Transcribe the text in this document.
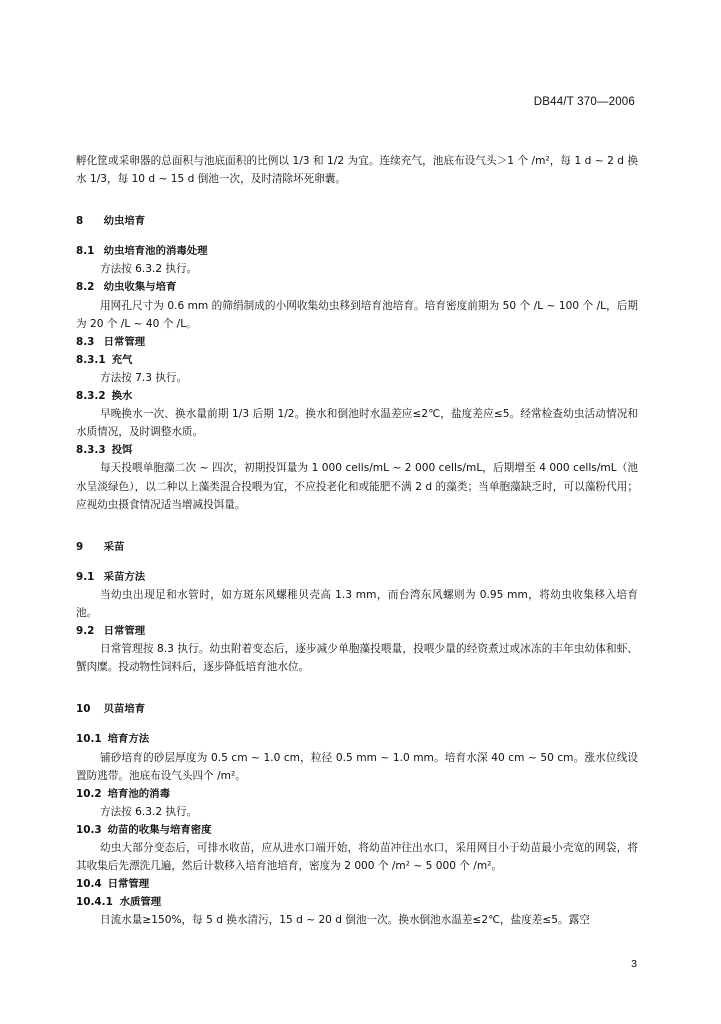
DB44/T 370—2006

孵化筐或采卵器的总面积与池底面积的比例以 1/3 和 1/2 为宜。连续充气，池底布设气头＞1 个 /m²，每 1 d ~ 2 d 换水 1/3，每 10 d ~ 15 d 倒池一次，及时清除坏死卵囊。

8 幼虫培育
8.1 幼虫培育池的消毒处理

方法按 6.3.2 执行。

8.2 幼虫收集与培育

用网孔尺寸为 0.6 mm 的筛绢制成的小网收集幼虫移到培育池培育。培育密度前期为 50 个 /L ~ 100 个 /L，后期为 20 个 /L ~ 40 个 /L。

8.3 日常管理
8.3.1 充气

方法按 7.3 执行。

8.3.2 换水

早晚换水一次、换水量前期 1/3 后期 1/2。换水和倒池时水温差应≤2℃，盐度差应≤5。经常检查幼虫活动情况和水质情况，及时调整水质。

8.3.3 投饵

每天投喂单胞藻二次 ~ 四次，初期投饵量为 1 000 cells/mL ~ 2 000 cells/mL，后期增至 4 000 cells/mL（池水呈淡绿色），以二种以上藻类混合投喂为宜，不应投老化和或能肥不满 2 d 的藻类；当单胞藻缺乏时，可以藻粉代用；应视幼虫摄食情况适当增减投饵量。

9 采苗
9.1 采苗方法

当幼虫出现足和水管时，如方斑东风螺稚贝壳高 1.3 mm，而台湾东风螺则为 0.95 mm，将幼虫收集移入培育池。

9.2 日常管理

日常管理按 8.3 执行。幼虫附着变态后，逐步减少单胞藻投喂量，投喂少量的经资煮过或冰冻的丰年虫幼体和虾、蟹肉糜。投动物性饲料后，逐步降低培育池水位。

10 贝苗培育
10.1 培育方法

铺砂培育的砂层厚度为 0.5 cm ~ 1.0 cm，粒径 0.5 mm ~ 1.0 mm。培育水深 40 cm ~ 50 cm。涨水位线设置防逃带。池底布设气头四个 /m²。

10.2 培育池的消毒

方法按 6.3.2 执行。

10.3 幼苗的收集与培育密度

幼虫大部分变态后，可排水收苗，应从进水口端开始，将幼苗冲往出水口，采用网目小于幼苗最小壳宽的网袋，将其收集后先漂洗几遍，然后计数移入培育池培育，密度为 2 000 个 /m² ~ 5 000 个 /m²。

10.4 日常管理
10.4.1 水质管理

日流水量≥150%，每 5 d 换水清污，15 d ~ 20 d 倒池一次。换水倒池水温差≤2℃，盐度差≤5。露空

3
